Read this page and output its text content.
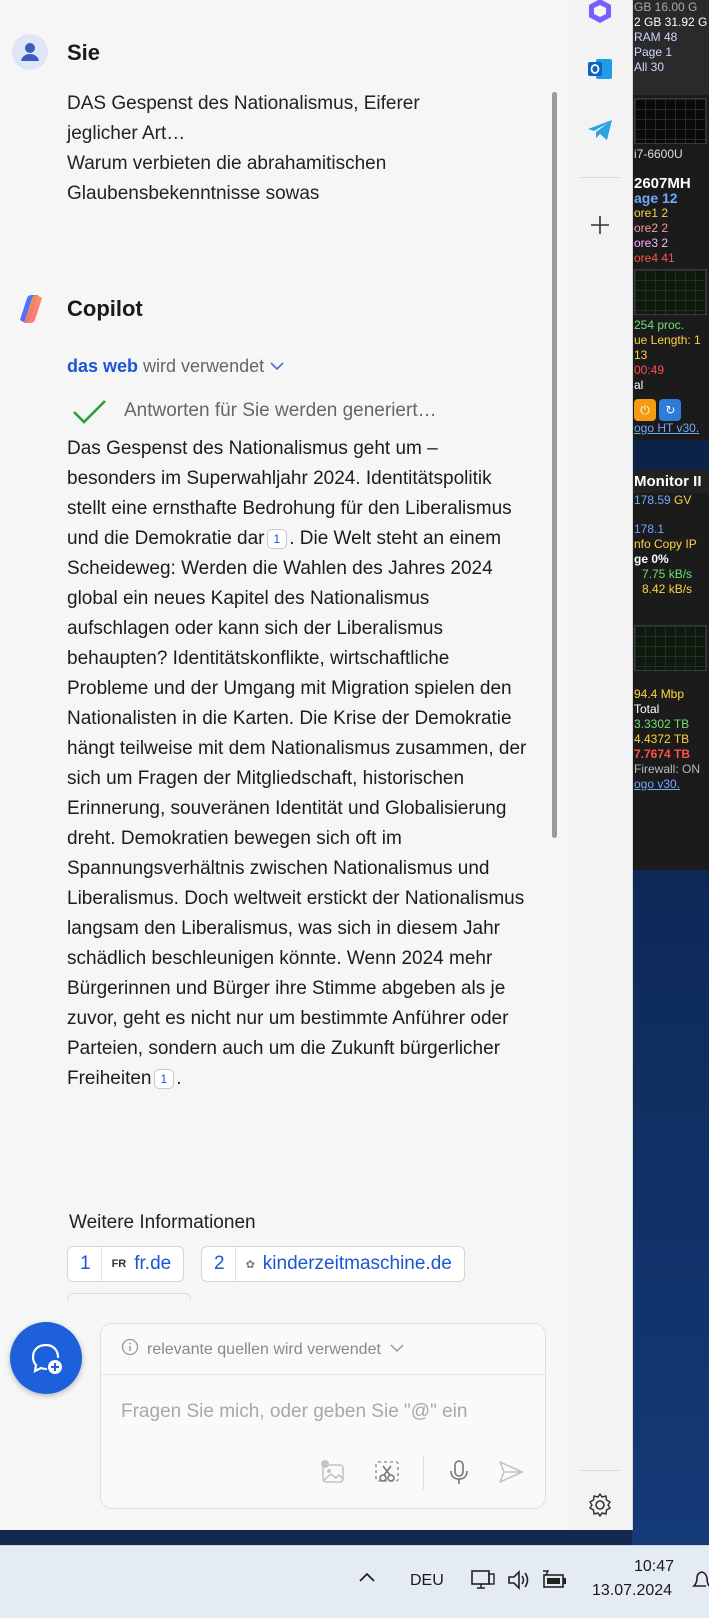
GB 16.00 G
2 GB 31.92 G
RAM 48
Page 1
All 30
i7-6600U
2607MH
age 12
ore1 2
ore2 2
ore3 2
ore4 41
254 proc.
ue Length: 1
13
00:49
al
⏻ ↻
ogo HT v30.
Monitor II
178.59 GV
178.1
nfo Copy IP
ge 0%
7.75 kB/s
8.42 kB/s
94.4 Mbp
Total
3.3302 TB
4.4372 TB
7.7674 TB
Firewall: ON
ogo v30.
Sie
DAS Gespenst des Nationalismus, Eiferer
jeglicher Art…
Warum verbieten die abrahamitischen
Glaubensbekenntnisse sowas
Copilot
das web wird verwendet
Antworten für Sie werden generiert…
Das Gespenst des Nationalismus geht um – besonders im Superwahljahr 2024. Identitätspolitik stellt eine ernsthafte Bedrohung für den Liberalismus und die Demokratie dar 1 . Die Welt steht an einem Scheideweg: Werden die Wahlen des Jahres 2024 global ein neues Kapitel des Nationalismus aufschlagen oder kann sich der Liberalismus behaupten? Identitätskonflikte, wirtschaftliche Probleme und der Umgang mit Migration spielen den Nationalisten in die Karten. Die Krise der Demokratie hängt teilweise mit dem Nationalismus zusammen, der sich um Fragen der Mitgliedschaft, historischen Erinnerung, souveränen Identität und Globalisierung dreht. Demokratien bewegen sich oft im Spannungsverhältnis zwischen Nationalismus und Liberalismus. Doch weltweit erstickt der Nationalismus langsam den Liberalismus, was sich in diesem Jahr schädlich beschleunigen könnte. Wenn 2024 mehr Bürgerinnen und Bürger ihre Stimme abgeben als je zuvor, geht es nicht nur um bestimmte Anführer oder Parteien, sondern auch um die Zukunft bürgerlicher Freiheiten 1 .
Weitere Informationen
1	FR fr.de	2	✿ kinderzeitmaschine.de
relevante quellen wird verwendet
Fragen Sie mich, oder geben Sie "@" ein
DEU
10:47
13.07.2024
